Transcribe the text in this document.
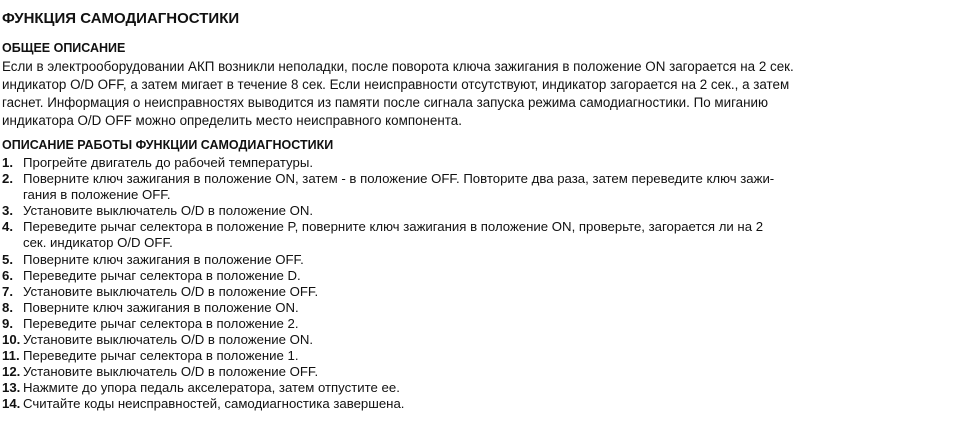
ФУНКЦИЯ САМОДИАГНОСТИКИ
ОБЩЕЕ ОПИСАНИЕ
Если в электрооборудовании АКП возникли неполадки, после поворота ключа зажигания в положение ON загорается на 2 сек.
индикатор O/D OFF, а затем мигает в течение 8 сек. Если неисправности отсутствуют, индикатор загорается на 2 сек., а затем
гаснет. Информация о неисправностях выводится из памяти после сигнала запуска режима самодиагностики. По миганию
индикатора O/D OFF можно определить место неисправного компонента.
ОПИСАНИЕ РАБОТЫ ФУНКЦИИ САМОДИАГНОСТИКИ
1. Прогрейте двигатель до рабочей температуры.
2. Поверните ключ зажигания в положение ON, затем - в положение OFF. Повторите два раза, затем переведите ключ зажи-
гания в положение OFF.
3. Установите выключатель O/D в положение ON.
4. Переведите рычаг селектора в положение P, поверните ключ зажигания в положение ON, проверьте, загорается ли на 2
сек. индикатор O/D OFF.
5. Поверните ключ зажигания в положение OFF.
6. Переведите рычаг селектора в положение D.
7. Установите выключатель O/D в положение OFF.
8. Поверните ключ зажигания в положение ON.
9. Переведите рычаг селектора в положение 2.
10. Установите выключатель O/D в положение ON.
11. Переведите рычаг селектора в положение 1.
12. Установите выключатель O/D в положение OFF.
13. Нажмите до упора педаль акселератора, затем отпустите ее.
14. Считайте коды неисправностей, самодиагностика завершена.
